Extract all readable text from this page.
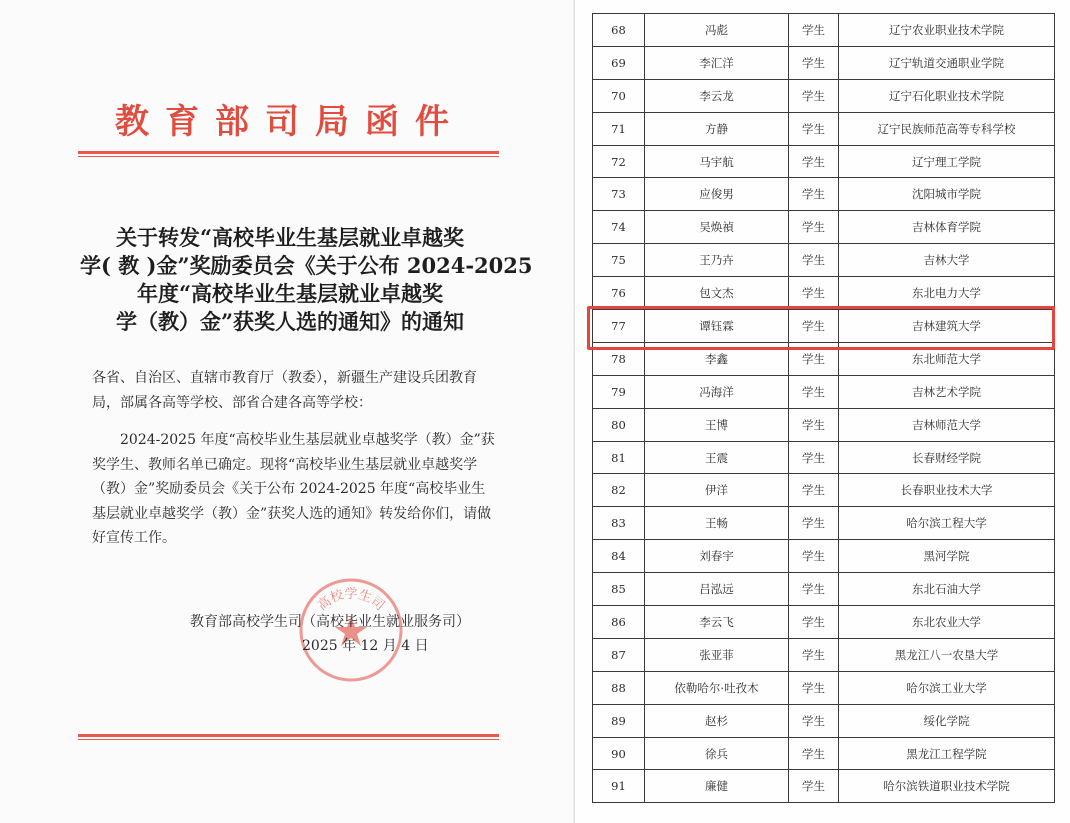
教育部司局函件
关于转发“高校毕业生基层就业卓越奖
学( 教 )金”奖励委员会《关于公布 2024-2025
年度“高校毕业生基层就业卓越奖
学（教）金”获奖人选的通知》的通知
各省、自治区、直辖市教育厅（教委），新疆生产建设兵团教育局，部属各高等学校、部省合建各高等学校：
2024-2025 年度“高校毕业生基层就业卓越奖学（教）金”获奖学生、教师名单已确定。现将“高校毕业生基层就业卓越奖学（教）金”奖励委员会《关于公布 2024-2025 年度“高校毕业生基层就业卓越奖学（教）金”获奖人选的通知》转发给你们，请做好宣传工作。
高校学生司
教育部高校学生司（高校毕业生就业服务司）
2025 年 12 月 4 日
68	冯彪	学生	辽宁农业职业技术学院
69	李汇洋	学生	辽宁轨道交通职业学院
70	李云龙	学生	辽宁石化职业技术学院
71	方静	学生	辽宁民族师范高等专科学校
72	马宇航	学生	辽宁理工学院
73	应俊男	学生	沈阳城市学院
74	吴焕禎	学生	吉林体育学院
75	王乃卉	学生	吉林大学
76	包文杰	学生	东北电力大学
77	谭钰霖	学生	吉林建筑大学
78	李鑫	学生	东北师范大学
79	冯海洋	学生	吉林艺术学院
80	王博	学生	吉林师范大学
81	王震	学生	长春财经学院
82	伊洋	学生	长春职业技术大学
83	王畅	学生	哈尔滨工程大学
84	刘春宇	学生	黑河学院
85	吕泓远	学生	东北石油大学
86	李云飞	学生	东北农业大学
87	张亚菲	学生	黑龙江八一农垦大学
88	依勒哈尔·吐孜木	学生	哈尔滨工业大学
89	赵杉	学生	绥化学院
90	徐兵	学生	黑龙江工程学院
91	廉健	学生	哈尔滨铁道职业技术学院
